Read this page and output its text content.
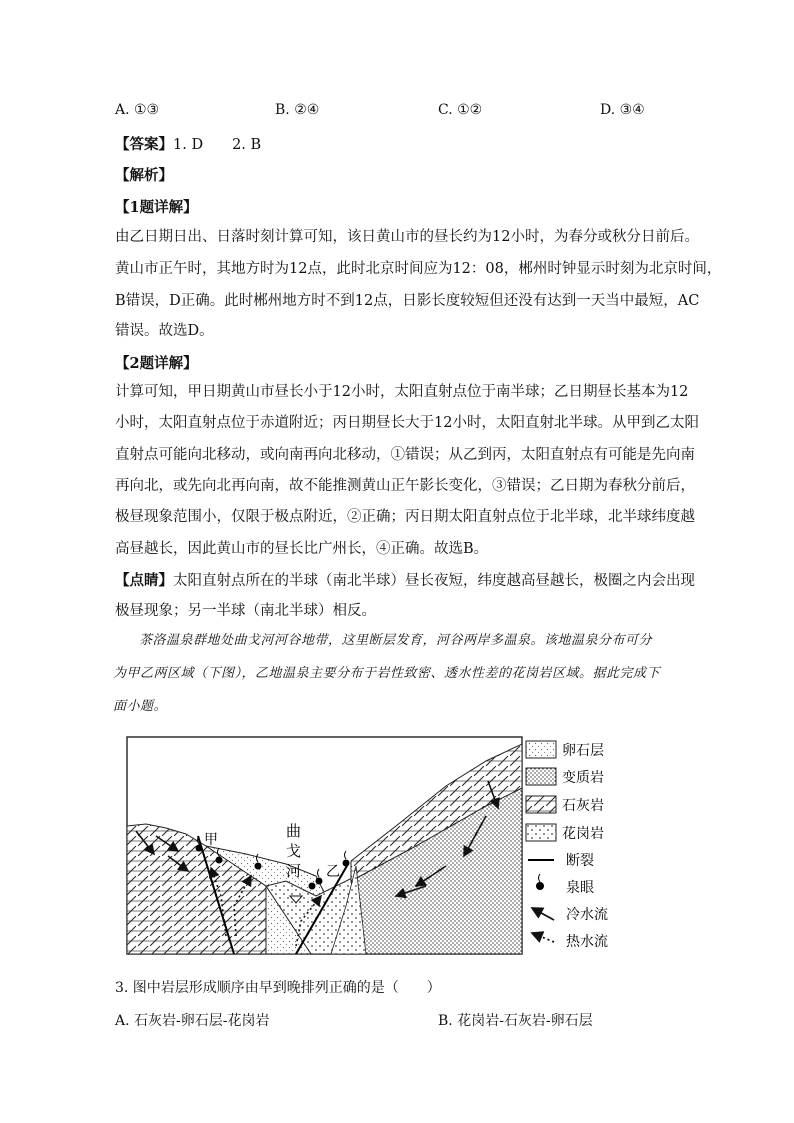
A. ①③	B. ②④	C. ①②	D. ③④
【答案】1. D　　2. B
【解析】
【1题详解】
由乙日期日出、日落时刻计算可知，该日黄山市的昼长约为12小时，为春分或秋分日前后。
黄山市正午时，其地方时为12点，此时北京时间应为12：08，郴州时钟显示时刻为北京时间，
B错误，D正确。此时郴州地方时不到12点，日影长度较短但还没有达到一天当中最短，AC
错误。故选D。
【2题详解】
计算可知，甲日期黄山市昼长小于12小时，太阳直射点位于南半球；乙日期昼长基本为12
小时，太阳直射点位于赤道附近；丙日期昼长大于12小时，太阳直射北半球。从甲到乙太阳
直射点可能向北移动，或向南再向北移动，①错误；从乙到丙，太阳直射点有可能是先向南
再向北，或先向北再向南，故不能推测黄山正午影长变化，③错误；乙日期为春秋分前后，
极昼现象范围小，仅限于极点附近，②正确；丙日期太阳直射点位于北半球，北半球纬度越
高昼越长，因此黄山市的昼长比广州长，④正确。故选B。
【点睛】太阳直射点所在的半球（南北半球）昼长夜短，纬度越高昼越长，极圈之内会出现
极昼现象；另一半球（南北半球）相反。
茶洛温泉群地处曲戈河河谷地带，这里断层发育，河谷两岸多温泉。该地温泉分布可分
为甲乙两区域（下图），乙地温泉主要分布于岩性致密、透水性差的花岗岩区域。据此完成下
面小题。
甲
乙
曲
戈
河
卵石层
变质岩
石灰岩
花岗岩
断裂
泉眼
冷水流
热水流
3. 图中岩层形成顺序由早到晚排列正确的是（　　）
A. 石灰岩-卵石层-花岗岩	B. 花岗岩-石灰岩-卵石层
